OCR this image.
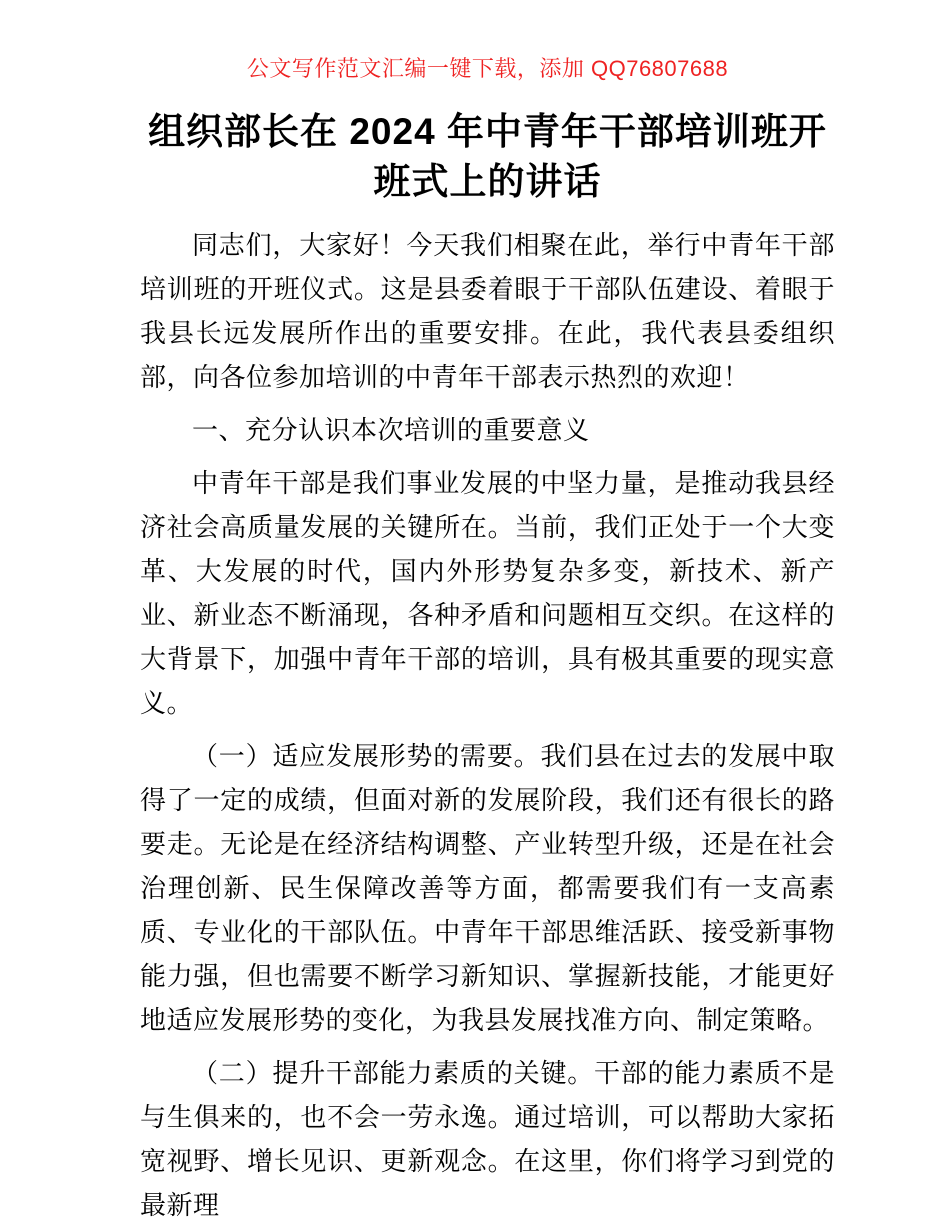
公文写作范文汇编一键下载，添加 QQ76807688
组织部长在 2024 年中青年干部培训班开班式上的讲话

同志们，大家好！今天我们相聚在此，举行中青年干部培训班的开班仪式。这是县委着眼于干部队伍建设、着眼于我县长远发展所作出的重要安排。在此，我代表县委组织部，向各位参加培训的中青年干部表示热烈的欢迎！

一、充分认识本次培训的重要意义

中青年干部是我们事业发展的中坚力量，是推动我县经济社会高质量发展的关键所在。当前，我们正处于一个大变革、大发展的时代，国内外形势复杂多变，新技术、新产业、新业态不断涌现，各种矛盾和问题相互交织。在这样的大背景下，加强中青年干部的培训，具有极其重要的现实意义。

（一）适应发展形势的需要。我们县在过去的发展中取得了一定的成绩，但面对新的发展阶段，我们还有很长的路要走。无论是在经济结构调整、产业转型升级，还是在社会治理创新、民生保障改善等方面，都需要我们有一支高素质、专业化的干部队伍。中青年干部思维活跃、接受新事物能力强，但也需要不断学习新知识、掌握新技能，才能更好地适应发展形势的变化，为我县发展找准方向、制定策略。

（二）提升干部能力素质的关键。干部的能力素质不是与生俱来的，也不会一劳永逸。通过培训，可以帮助大家拓宽视野、增长见识、更新观念。在这里，你们将学习到党的最新理
